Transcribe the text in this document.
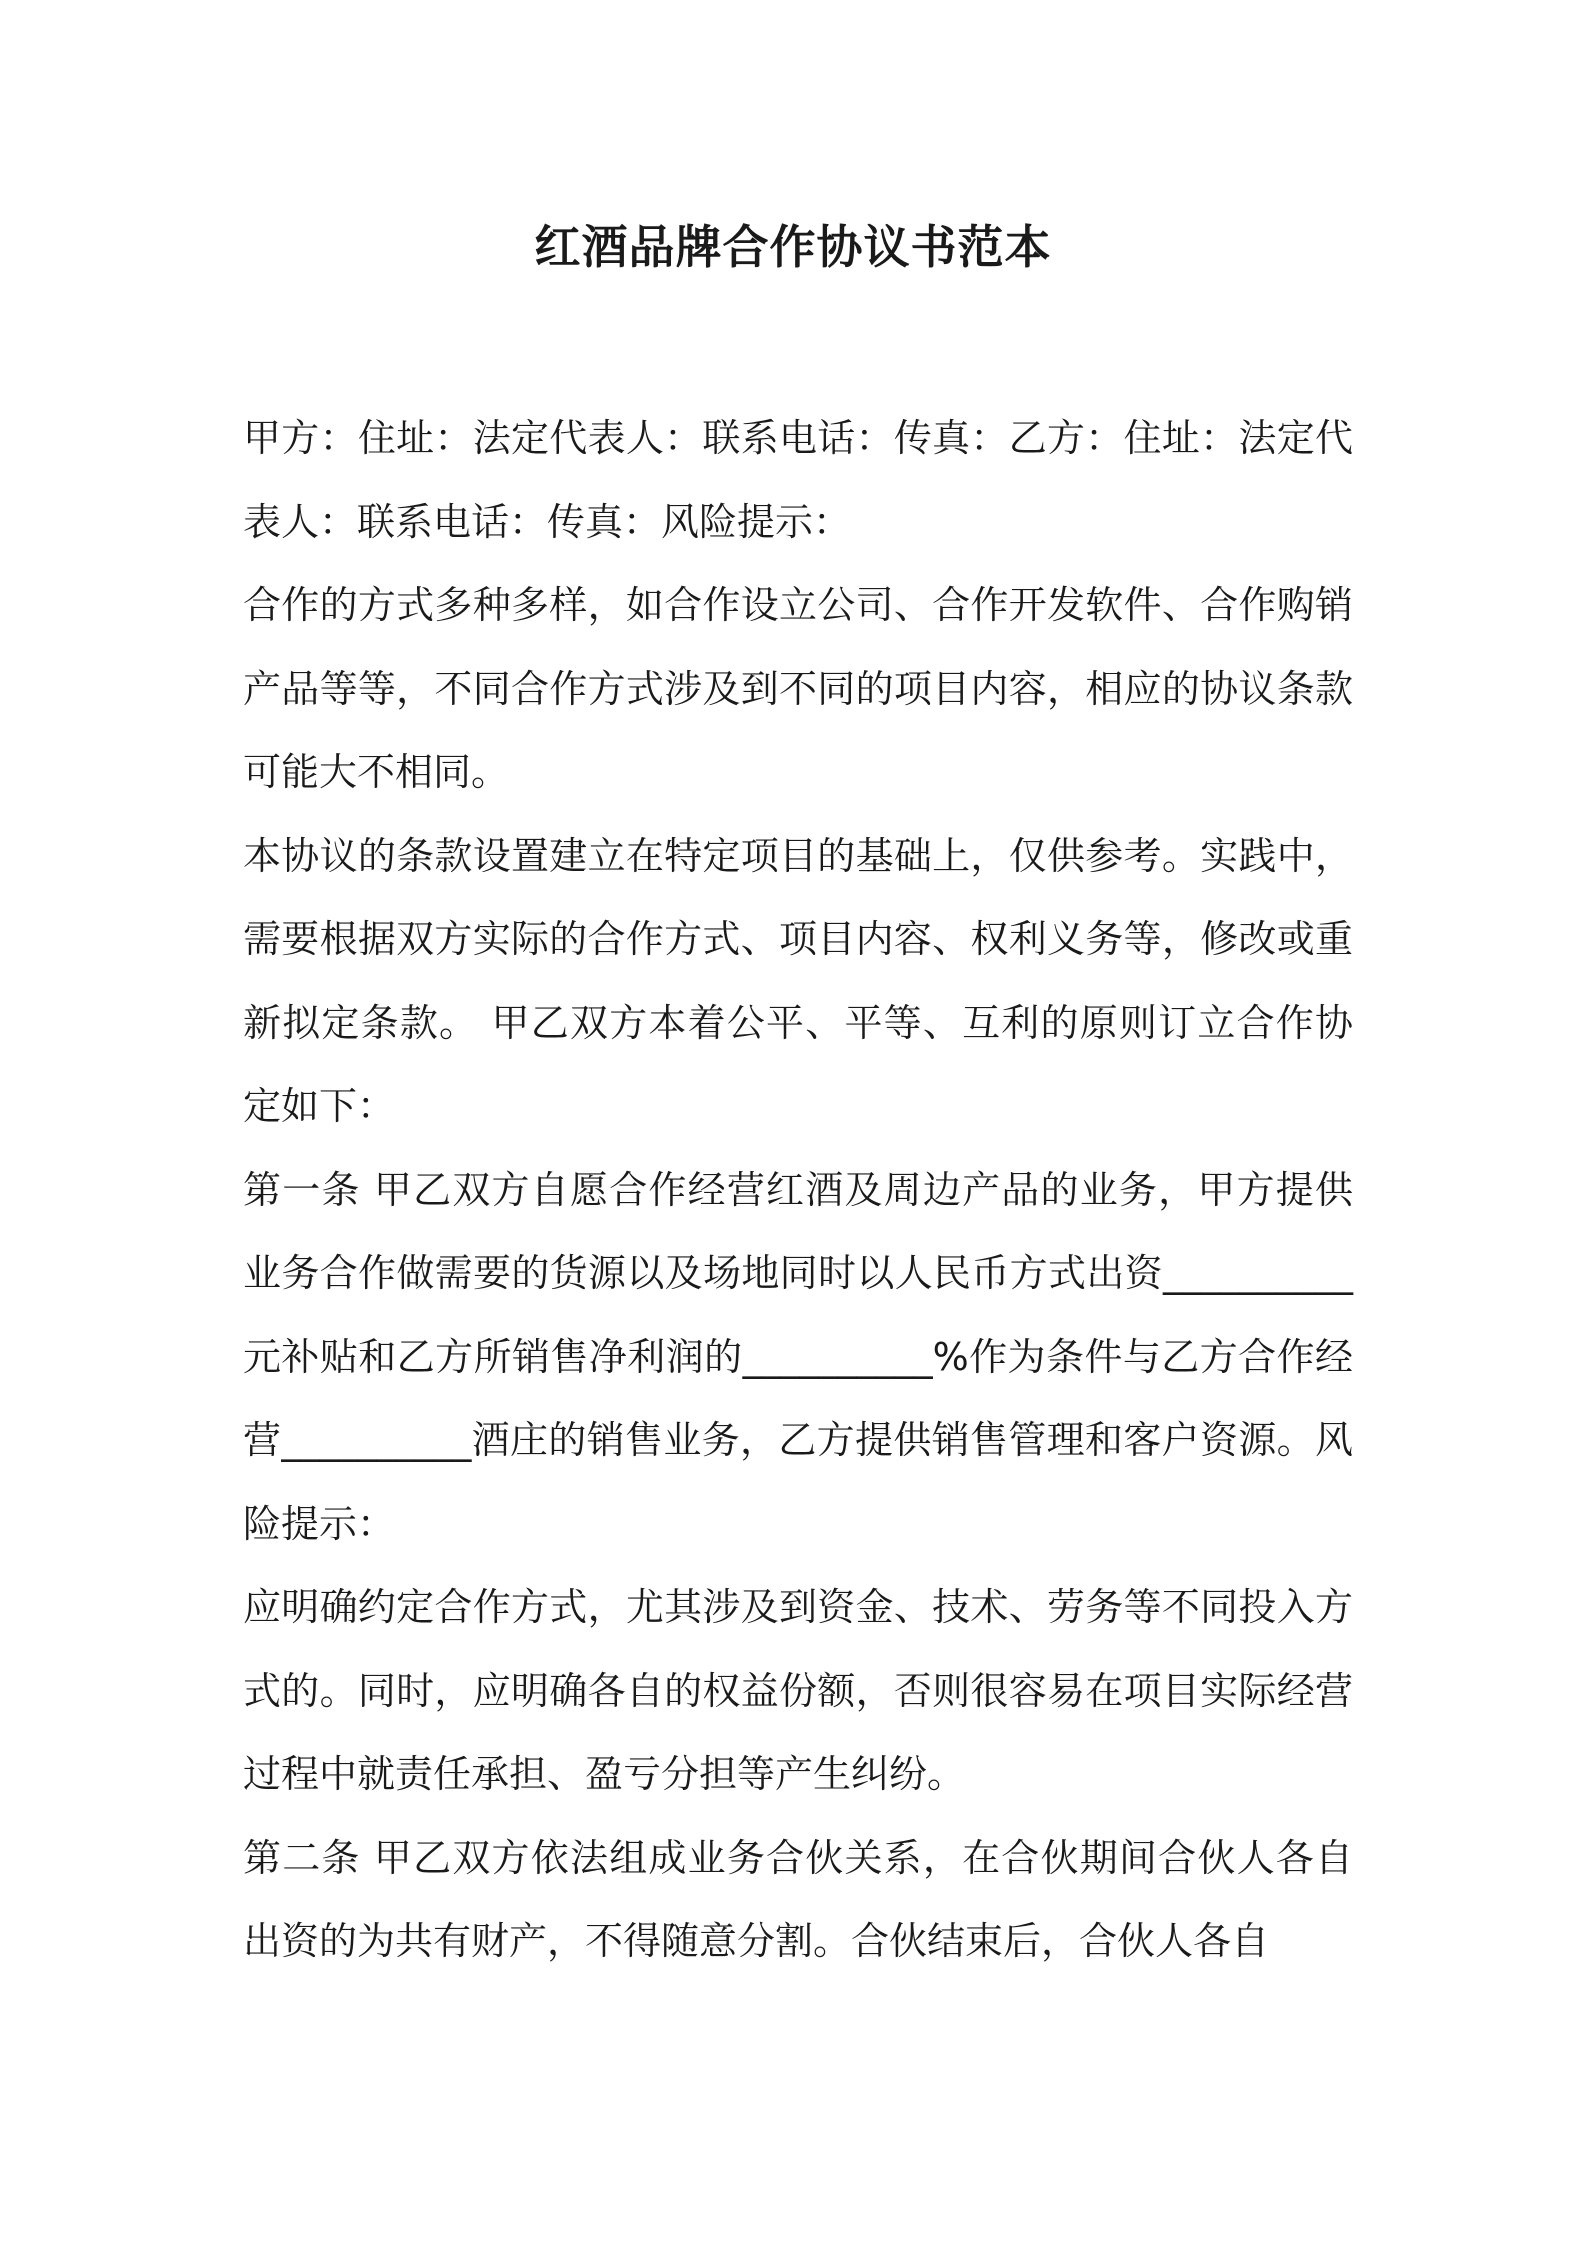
红酒品牌合作协议书范本

甲方：住址：法定代表人：联系电话：传真：乙方：住址：法定代表人：联系电话：传真：风险提示：

合作的方式多种多样，如合作设立公司、合作开发软件、合作购销产品等等，不同合作方式涉及到不同的项目内容，相应的协议条款可能大不相同。

本协议的条款设置建立在特定项目的基础上，仅供参考。实践中，需要根据双方实际的合作方式、项目内容、权利义务等，修改或重新拟定条款。 甲乙双方本着公平、平等、互利的原则订立合作协定如下：

第一条 甲乙双方自愿合作经营红酒及周边产品的业务，甲方提供业务合作做需要的货源以及场地同时以人民币方式出资__________元补贴和乙方所销售净利润的__________%作为条件与乙方合作经营__________酒庄的销售业务，乙方提供销售管理和客户资源。风险提示：

应明确约定合作方式，尤其涉及到资金、技术、劳务等不同投入方式的。同时，应明确各自的权益份额，否则很容易在项目实际经营过程中就责任承担、盈亏分担等产生纠纷。

第二条 甲乙双方依法组成业务合伙关系，在合伙期间合伙人各自出资的为共有财产，不得随意分割。合伙结束后，合伙人各自
